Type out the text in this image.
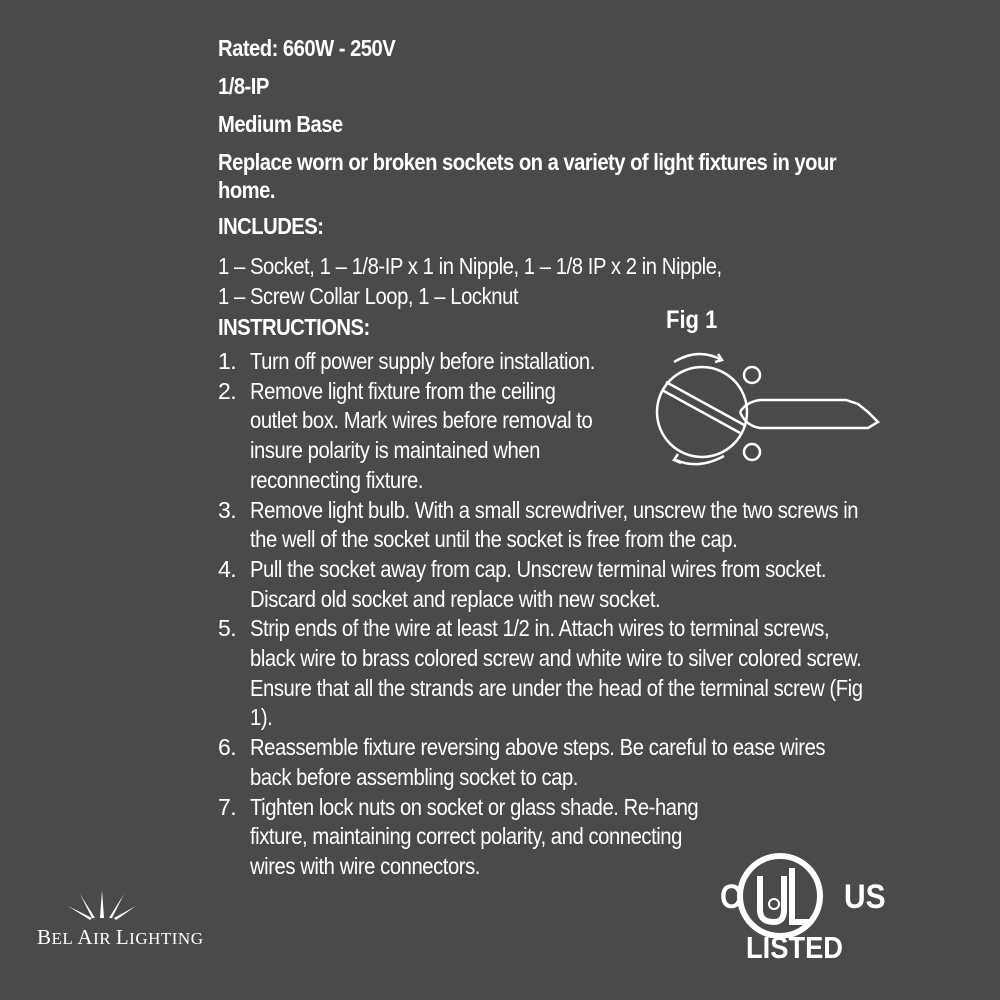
Rated: 660W - 250V
1/8-IP
Medium Base
Replace worn or broken sockets on a variety of light fixtures in your home.
INCLUDES:
1 – Socket, 1 – 1/8-IP x 1 in Nipple, 1 – 1/8 IP x 2 in Nipple,
1 – Screw Collar Loop, 1 – Locknut
INSTRUCTIONS:
1. Turn off power supply before installation.
2. Remove light fixture from the ceiling outlet box. Mark wires before removal to insure polarity is maintained when reconnecting fixture.
3. Remove light bulb. With a small screwdriver, unscrew the two screws in the well of the socket until the socket is free from the cap.
4. Pull the socket away from cap. Unscrew terminal wires from socket. Discard old socket and replace with new socket.
5. Strip ends of the wire at least 1/2 in. Attach wires to terminal screws, black wire to brass colored screw and white wire to silver colored screw. Ensure that all the strands are under the head of the terminal screw (Fig 1).
6. Reassemble fixture reversing above steps. Be careful to ease wires back before assembling socket to cap.
7. Tighten lock nuts on socket or glass shade. Re-hang fixture, maintaining correct polarity, and connecting wires with wire connectors.
Fig 1
BEL AIR LIGHTING
C	US
LISTED
